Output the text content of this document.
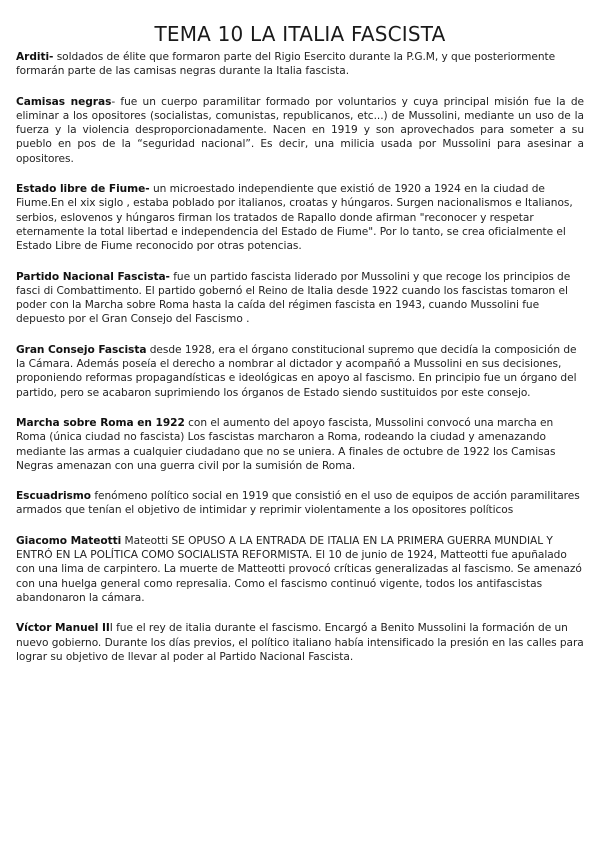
TEMA 10 LA ITALIA FASCISTA

Arditi- soldados de élite que formaron parte del Rigio Esercito durante la P.G.M, y que posteriormente formarán parte de las camisas negras durante la Italia fascista.

Camisas negras- fue un cuerpo paramilitar formado por voluntarios y cuya principal misión fue la de eliminar a los opositores (socialistas, comunistas, republicanos, etc...) de Mussolini, mediante un uso de la fuerza y la violencia desproporcionadamente. Nacen en 1919 y son aprovechados para someter a su pueblo en pos de la “seguridad nacional”. Es decir, una milicia usada por Mussolini para asesinar a opositores.

Estado libre de Fiume- un microestado independiente que existió de 1920 a 1924 en la ciudad de Fiume.En el xix siglo , estaba poblado por italianos, croatas y húngaros. Surgen nacionalismos e Italianos, serbios, eslovenos y húngaros firman los tratados de Rapallo donde afirman "reconocer y respetar eternamente la total libertad e independencia del Estado de Fiume". Por lo tanto, se crea oficialmente el Estado Libre de Fiume reconocido por otras potencias.

Partido Nacional Fascista- fue un partido fascista liderado por Mussolini y que recoge los principios de fasci di Combattimento. El partido gobernó el Reino de Italia desde 1922 cuando los fascistas tomaron el poder con la Marcha sobre Roma hasta la caída del régimen fascista en 1943, cuando Mussolini fue depuesto por el Gran Consejo del Fascismo .

Gran Consejo Fascista desde 1928, era el órgano constitucional supremo que decidía la composición de la Cámara. Además poseía el derecho a nombrar al dictador y acompañó a Mussolini en sus decisiones, proponiendo reformas propagandísticas e ideológicas en apoyo al fascismo. En principio fue un órgano del partido, pero se acabaron suprimiendo los órganos de Estado siendo sustituidos por este consejo.

Marcha sobre Roma en 1922 con el aumento del apoyo fascista, Mussolini convocó una marcha en Roma (única ciudad no fascista) Los fascistas marcharon a Roma, rodeando la ciudad y amenazando mediante las armas a cualquier ciudadano que no se uniera. A finales de octubre de 1922 los Camisas Negras amenazan con una guerra civil por la sumisión de Roma.

Escuadrismo fenómeno político social en 1919 que consistió en el uso de equipos de acción paramilitares armados que tenían el objetivo de intimidar y reprimir violentamente a los opositores políticos

Giacomo Mateotti Mateotti SE OPUSO A LA ENTRADA DE ITALIA EN LA PRIMERA GUERRA MUNDIAL Y ENTRÓ EN LA POLÍTICA COMO SOCIALISTA REFORMISTA. El 10 de junio de 1924, Matteotti fue apuñalado con una lima de carpintero. La muerte de Matteotti provocó críticas generalizadas al fascismo. Se amenazó con una huelga general como represalia. Como el fascismo continuó vigente, todos los antifascistas abandonaron la cámara.

Víctor Manuel III fue el rey de italia durante el fascismo. Encargó a Benito Mussolini la formación de un nuevo gobierno. Durante los días previos, el político italiano había intensificado la presión en las calles para lograr su objetivo de llevar al poder al Partido Nacional Fascista.
